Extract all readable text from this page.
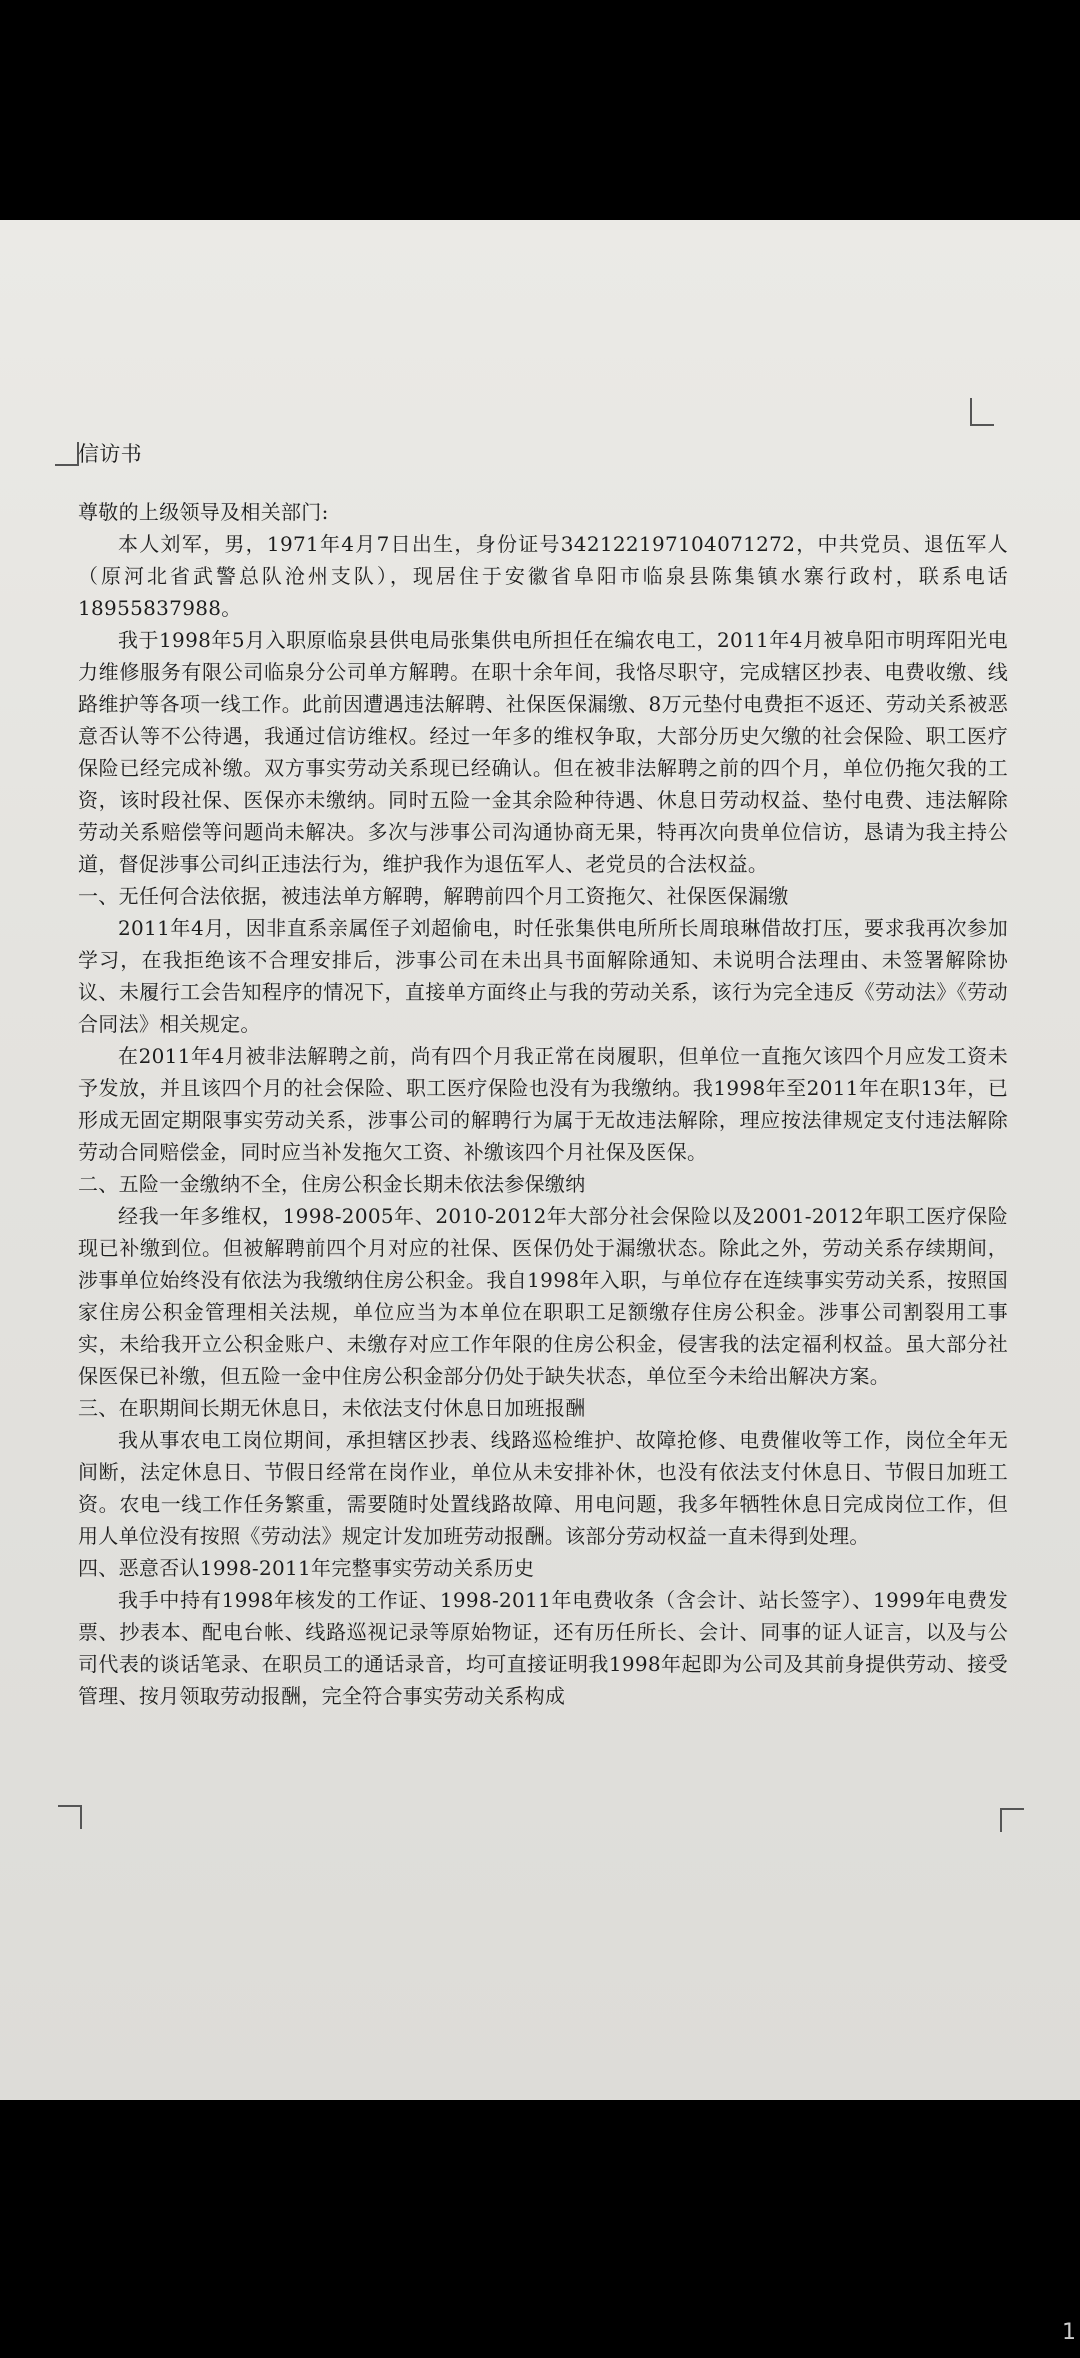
信访书

尊敬的上级领导及相关部门:

本人刘军，男，1971年4月7日出生，身份证号342122197104071272，中共党员、退伍军人（原河北省武警总队沧州支队），现居住于安徽省阜阳市临泉县陈集镇水寨行政村，联系电话18955837988。

我于1998年5月入职原临泉县供电局张集供电所担任在编农电工，2011年4月被阜阳市明珲阳光电力维修服务有限公司临泉分公司单方解聘。在职十余年间，我恪尽职守，完成辖区抄表、电费收缴、线路维护等各项一线工作。此前因遭遇违法解聘、社保医保漏缴、8万元垫付电费拒不返还、劳动关系被恶意否认等不公待遇，我通过信访维权。经过一年多的维权争取，大部分历史欠缴的社会保险、职工医疗保险已经完成补缴。双方事实劳动关系现已经确认。但在被非法解聘之前的四个月，单位仍拖欠我的工资，该时段社保、医保亦未缴纳。同时五险一金其余险种待遇、休息日劳动权益、垫付电费、违法解除劳动关系赔偿等问题尚未解决。多次与涉事公司沟通协商无果，特再次向贵单位信访，恳请为我主持公道，督促涉事公司纠正违法行为，维护我作为退伍军人、老党员的合法权益。

一、无任何合法依据，被违法单方解聘，解聘前四个月工资拖欠、社保医保漏缴

2011年4月，因非直系亲属侄子刘超偷电，时任张集供电所所长周琅琳借故打压，要求我再次参加学习，在我拒绝该不合理安排后，涉事公司在未出具书面解除通知、未说明合法理由、未签署解除协议、未履行工会告知程序的情况下，直接单方面终止与我的劳动关系，该行为完全违反《劳动法》《劳动合同法》相关规定。

在2011年4月被非法解聘之前，尚有四个月我正常在岗履职，但单位一直拖欠该四个月应发工资未予发放，并且该四个月的社会保险、职工医疗保险也没有为我缴纳。我1998年至2011年在职13年，已形成无固定期限事实劳动关系，涉事公司的解聘行为属于无故违法解除，理应按法律规定支付违法解除劳动合同赔偿金，同时应当补发拖欠工资、补缴该四个月社保及医保。

二、五险一金缴纳不全，住房公积金长期未依法参保缴纳

经我一年多维权，1998-2005年、2010-2012年大部分社会保险以及2001-2012年职工医疗保险现已补缴到位。但被解聘前四个月对应的社保、医保仍处于漏缴状态。除此之外，劳动关系存续期间，涉事单位始终没有依法为我缴纳住房公积金。我自1998年入职，与单位存在连续事实劳动关系，按照国家住房公积金管理相关法规，单位应当为本单位在职职工足额缴存住房公积金。涉事公司割裂用工事实，未给我开立公积金账户、未缴存对应工作年限的住房公积金，侵害我的法定福利权益。虽大部分社保医保已补缴，但五险一金中住房公积金部分仍处于缺失状态，单位至今未给出解决方案。

三、在职期间长期无休息日，未依法支付休息日加班报酬

我从事农电工岗位期间，承担辖区抄表、线路巡检维护、故障抢修、电费催收等工作，岗位全年无间断，法定休息日、节假日经常在岗作业，单位从未安排补休，也没有依法支付休息日、节假日加班工资。农电一线工作任务繁重，需要随时处置线路故障、用电问题，我多年牺牲休息日完成岗位工作，但用人单位没有按照《劳动法》规定计发加班劳动报酬。该部分劳动权益一直未得到处理。

四、恶意否认1998-2011年完整事实劳动关系历史

我手中持有1998年核发的工作证、1998-2011年电费收条（含会计、站长签字）、1999年电费发票、抄表本、配电台帐、线路巡视记录等原始物证，还有历任所长、会计、同事的证人证言，以及与公司代表的谈话笔录、在职员工的通话录音，均可直接证明我1998年起即为公司及其前身提供劳动、接受管理、按月领取劳动报酬，完全符合事实劳动关系构成

1
